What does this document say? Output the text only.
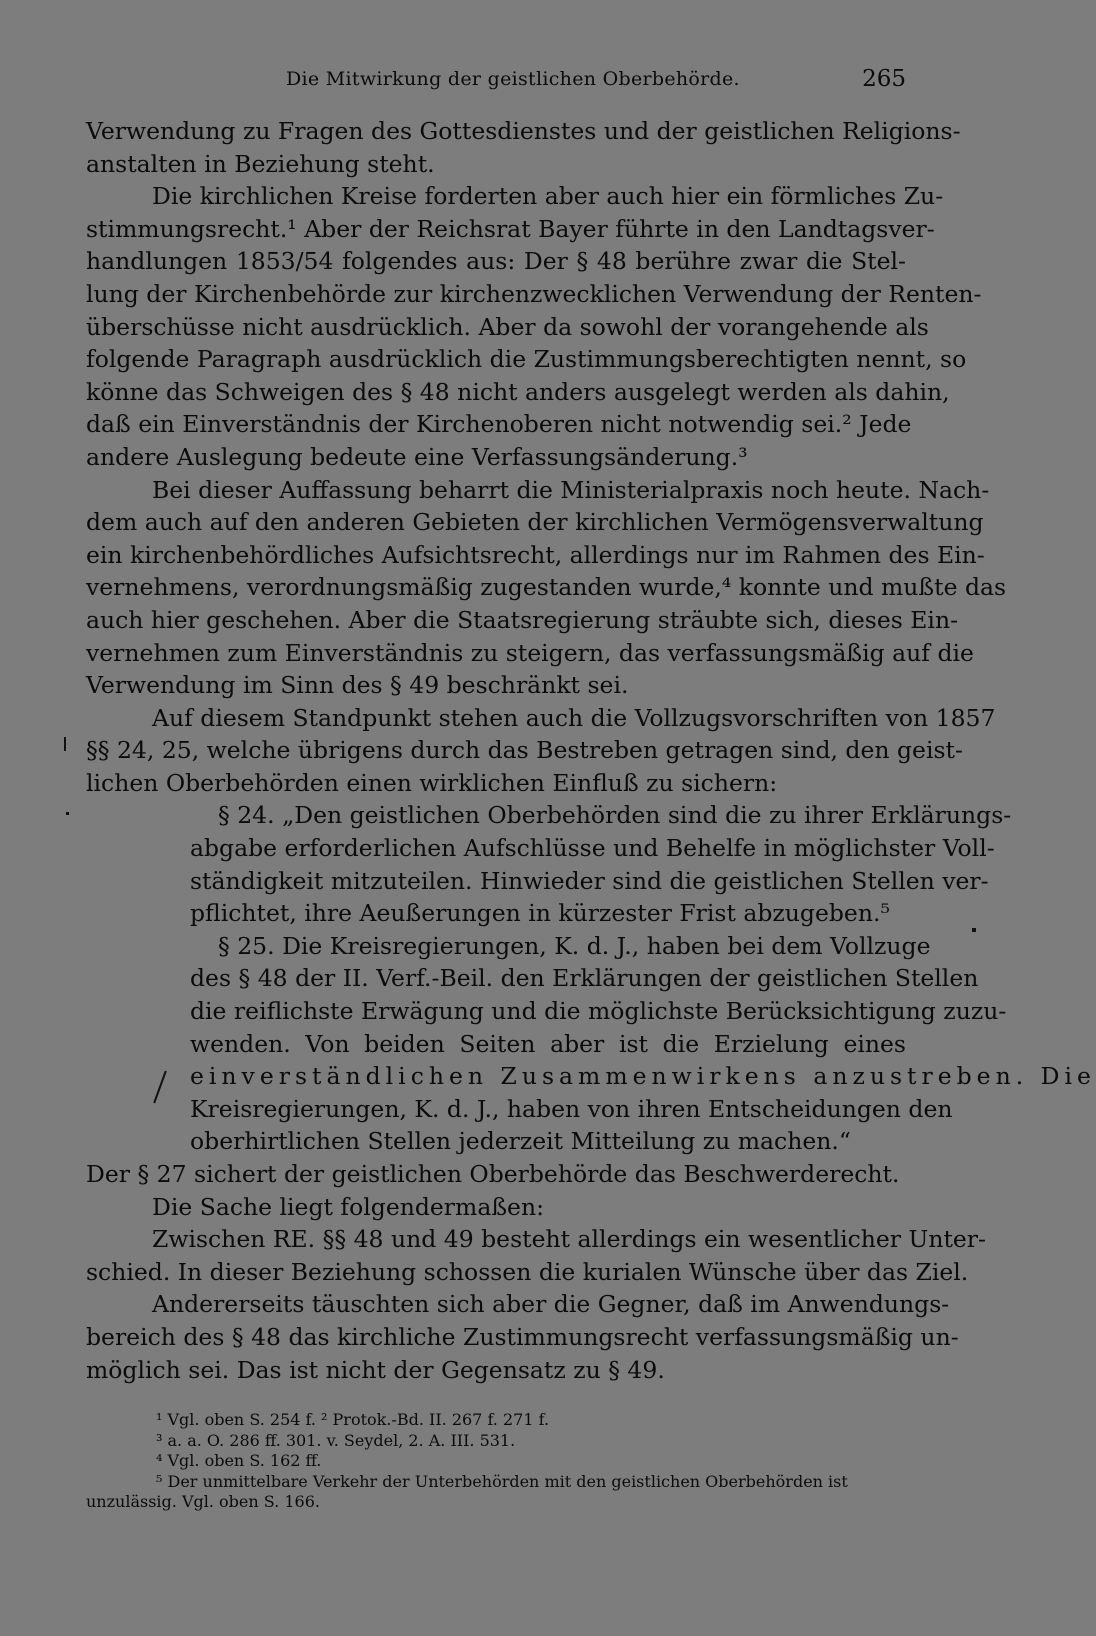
Die Mitwirkung der geistlichen Oberbehörde.	265
Verwendung zu Fragen des Gottesdienstes und der geistlichen Religions-
anstalten in Beziehung steht.
Die kirchlichen Kreise forderten aber auch hier ein förmliches Zu-
stimmungsrecht.¹ Aber der Reichsrat Bayer führte in den Landtagsver-
handlungen 1853/54 folgendes aus: Der § 48 berühre zwar die Stel-
lung der Kirchenbehörde zur kirchenzwecklichen Verwendung der Renten-
überschüsse nicht ausdrücklich. Aber da sowohl der vorangehende als
folgende Paragraph ausdrücklich die Zustimmungsberechtigten nennt, so
könne das Schweigen des § 48 nicht anders ausgelegt werden als dahin,
daß ein Einverständnis der Kirchenoberen nicht notwendig sei.² Jede
andere Auslegung bedeute eine Verfassungsänderung.³
Bei dieser Auffassung beharrt die Ministerialpraxis noch heute. Nach-
dem auch auf den anderen Gebieten der kirchlichen Vermögensverwaltung
ein kirchenbehördliches Aufsichtsrecht, allerdings nur im Rahmen des Ein-
vernehmens, verordnungsmäßig zugestanden wurde,⁴ konnte und mußte das
auch hier geschehen. Aber die Staatsregierung sträubte sich, dieses Ein-
vernehmen zum Einverständnis zu steigern, das verfassungsmäßig auf die
Verwendung im Sinn des § 49 beschränkt sei.
Auf diesem Standpunkt stehen auch die Vollzugsvorschriften von 1857
§§ 24, 25, welche übrigens durch das Bestreben getragen sind, den geist-
lichen Oberbehörden einen wirklichen Einfluß zu sichern:
§ 24. „Den geistlichen Oberbehörden sind die zu ihrer Erklärungs-
abgabe erforderlichen Aufschlüsse und Behelfe in möglichster Voll-
ständigkeit mitzuteilen. Hinwieder sind die geistlichen Stellen ver-
pflichtet, ihre Aeußerungen in kürzester Frist abzugeben.⁵
§ 25. Die Kreisregierungen, K. d. J., haben bei dem Vollzuge
des § 48 der II. Verf.-Beil. den Erklärungen der geistlichen Stellen
die reiflichste Erwägung und die möglichste Berücksichtigung zuzu-
wenden. Von beiden Seiten aber ist die Erzielung eines
einverständlichen Zusammenwirkens anzustreben. Die
Kreisregierungen, K. d. J., haben von ihren Entscheidungen den
oberhirtlichen Stellen jederzeit Mitteilung zu machen.“
Der § 27 sichert der geistlichen Oberbehörde das Beschwerderecht.
Die Sache liegt folgendermaßen:
Zwischen RE. §§ 48 und 49 besteht allerdings ein wesentlicher Unter-
schied. In dieser Beziehung schossen die kurialen Wünsche über das Ziel.
Andererseits täuschten sich aber die Gegner, daß im Anwendungs-
bereich des § 48 das kirchliche Zustimmungsrecht verfassungsmäßig un-
möglich sei. Das ist nicht der Gegensatz zu § 49.
¹ Vgl. oben S. 254 f. ² Protok.-Bd. II. 267 f. 271 f.
³ a. a. O. 286 ff. 301. v. Seydel, 2. A. III. 531.
⁴ Vgl. oben S. 162 ff.
⁵ Der unmittelbare Verkehr der Unterbehörden mit den geistlichen Oberbehörden ist
unzulässig. Vgl. oben S. 166.
